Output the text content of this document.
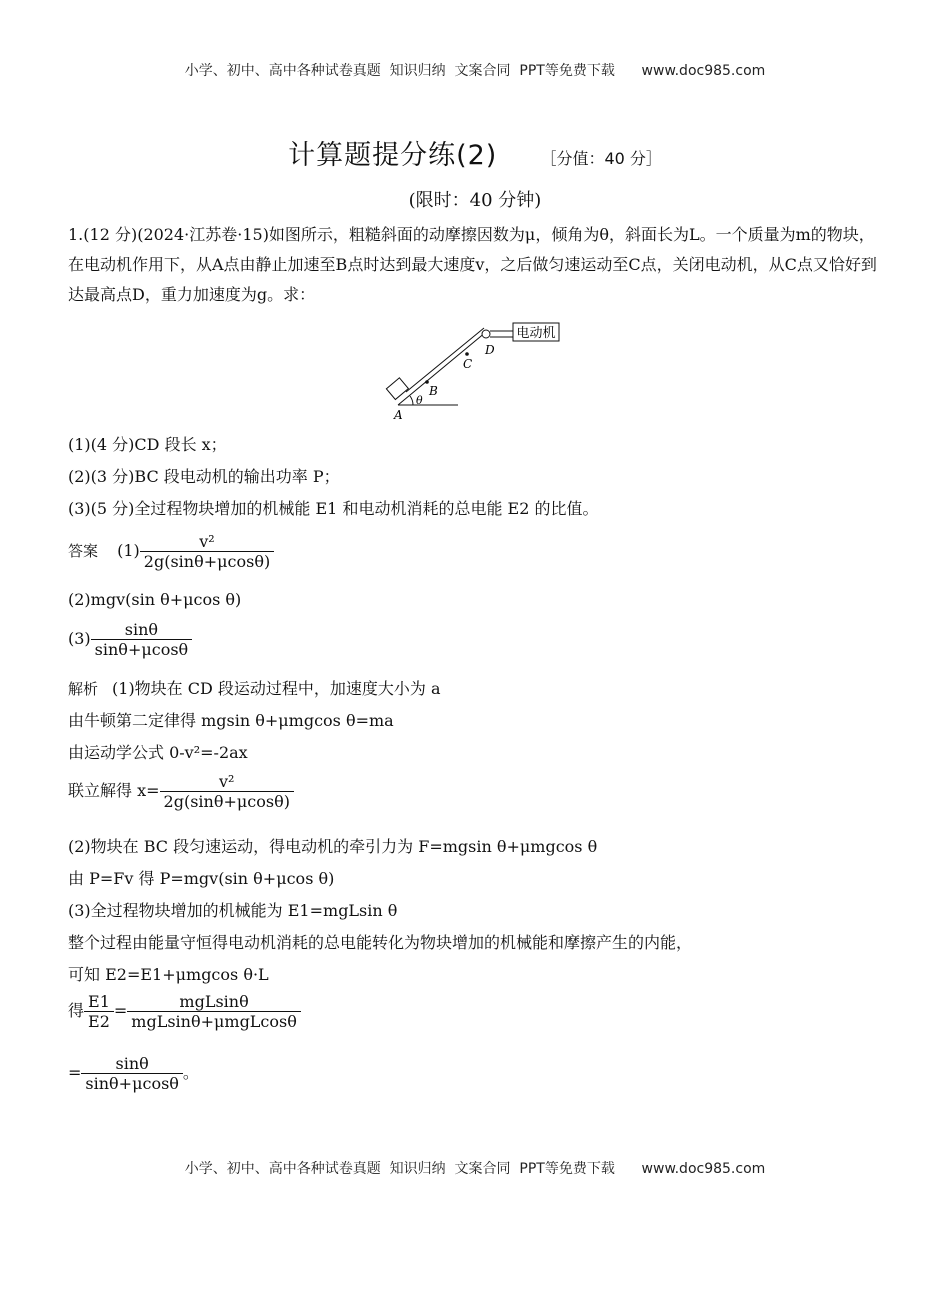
小学、初中、高中各种试卷真题  知识归纳  文案合同  PPT等免费下载      www.doc985.com
计算题提分练(2)	［分值：40 分］
(限时：40 分钟)
1.(12 分)(2024·江苏卷·15)如图所示，粗糙斜面的动摩擦因数为μ，倾角为θ，斜面长为L。一个质量为m的物块，在电动机作用下，从A点由静止加速至B点时达到最大速度v，之后做匀速运动至C点，关闭电动机，从C点又恰好到达最高点D，重力加速度为g。求：
电动机
B
C
D
A
θ
(1)(4 分)CD 段长 x；
(2)(3 分)BC 段电动机的输出功率 P；
(3)(5 分)全过程物块增加的机械能 E1 和电动机消耗的总电能 E2 的比值。
答案 $(1) \frac{\text{v²}}{2g(\sin\theta+\mu\cos\theta)}$
(2)mgv(sin θ+μcos θ)
$(3) \frac{\sin\theta}{\sin\theta+\mu\cos\theta}$
解析 (1)物块在 CD 段运动过程中，加速度大小为 a
由牛顿第二定律得 mgsin θ+μmgcos θ=ma
由运动学公式 0-v²=-2ax
联立解得 $x= \frac{\text{v²}}{2g(\sin\theta+\mu\cos\theta)}$
(2)物块在 BC 段匀速运动，得电动机的牵引力为 F=mgsin θ+μmgcos θ
由 P=Fv 得 P=mgv(sin θ+μcos θ)
(3)全过程物块增加的机械能为 E1=mgLsin θ
整个过程由能量守恒得电动机消耗的总电能转化为物块增加的机械能和摩擦产生的内能，
可知 E2=E1+μmgcos θ·L
得 $\frac{E1}{E2} = \frac{\text{mgLsinθ}}{\text{mgLsinθ+μmgLcosθ}}$
= $\frac{\sin\theta}{\sin\theta+\mu\cos\theta}$ 。
小学、初中、高中各种试卷真题  知识归纳  文案合同  PPT等免费下载      www.doc985.com
